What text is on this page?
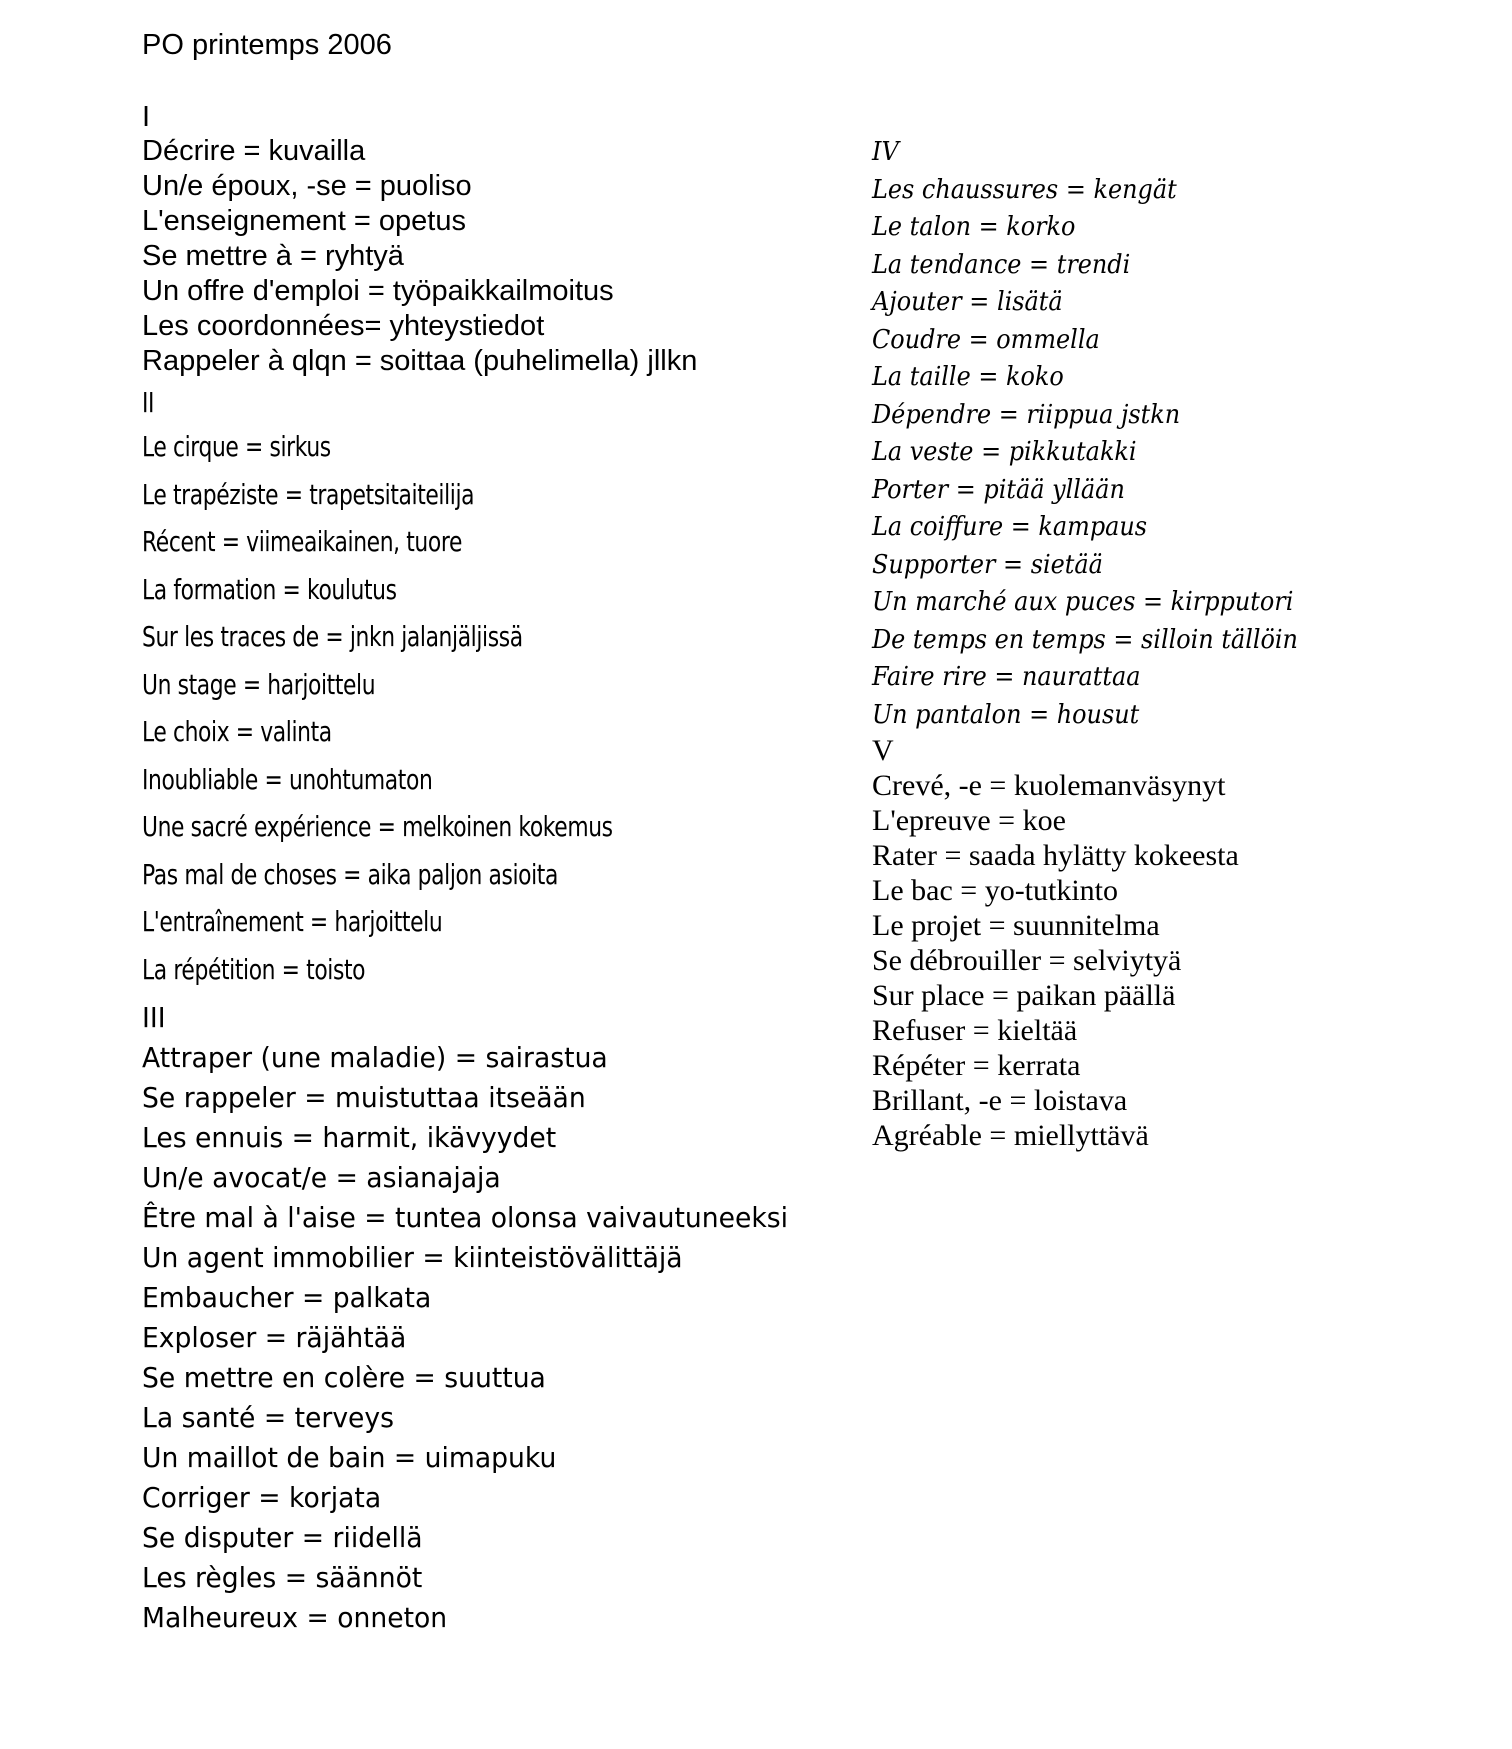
PO printemps 2006
I
Décrire = kuvailla
Un/e époux, -se = puoliso
L'enseignement = opetus
Se mettre à = ryhtyä
Un offre d'emploi = työpaikkailmoitus
Les coordonnées= yhteystiedot
Rappeler à qlqn = soittaa (puhelimella) jllkn
II
Le cirque = sirkus
Le trapéziste = trapetsitaiteilija
Récent = viimeaikainen, tuore
La formation = koulutus
Sur les traces de = jnkn jalanjäljissä
Un stage = harjoittelu
Le choix = valinta
Inoubliable = unohtumaton
Une sacré expérience = melkoinen kokemus
Pas mal de choses = aika paljon asioita
L'entraînement = harjoittelu
La répétition = toisto
III
Attraper (une maladie) = sairastua
Se rappeler = muistuttaa itseään
Les ennuis = harmit, ikävyydet
Un/e avocat/e = asianajaja
Être mal à l'aise = tuntea olonsa vaivautuneeksi
Un agent immobilier = kiinteistövälittäjä
Embaucher = palkata
Exploser = räjähtää
Se mettre en colère = suuttua
La santé = terveys
Un maillot de bain = uimapuku
Corriger = korjata
Se disputer = riidellä
Les règles = säännöt
Malheureux = onneton
IV
Les chaussures = kengät
Le talon = korko
La tendance = trendi
Ajouter = lisätä
Coudre = ommella
La taille = koko
Dépendre = riippua jstkn
La veste = pikkutakki
Porter = pitää yllään
La coiffure = kampaus
Supporter = sietää
Un marché aux puces = kirpputori
De temps en temps = silloin tällöin
Faire rire = naurattaa
Un pantalon = housut
V
Crevé, -e = kuolemanväsynyt
L'epreuve = koe
Rater = saada hylätty kokeesta
Le bac = yo-tutkinto
Le projet = suunnitelma
Se débrouiller = selviytyä
Sur place = paikan päällä
Refuser = kieltää
Répéter = kerrata
Brillant, -e = loistava
Agréable = miellyttävä
